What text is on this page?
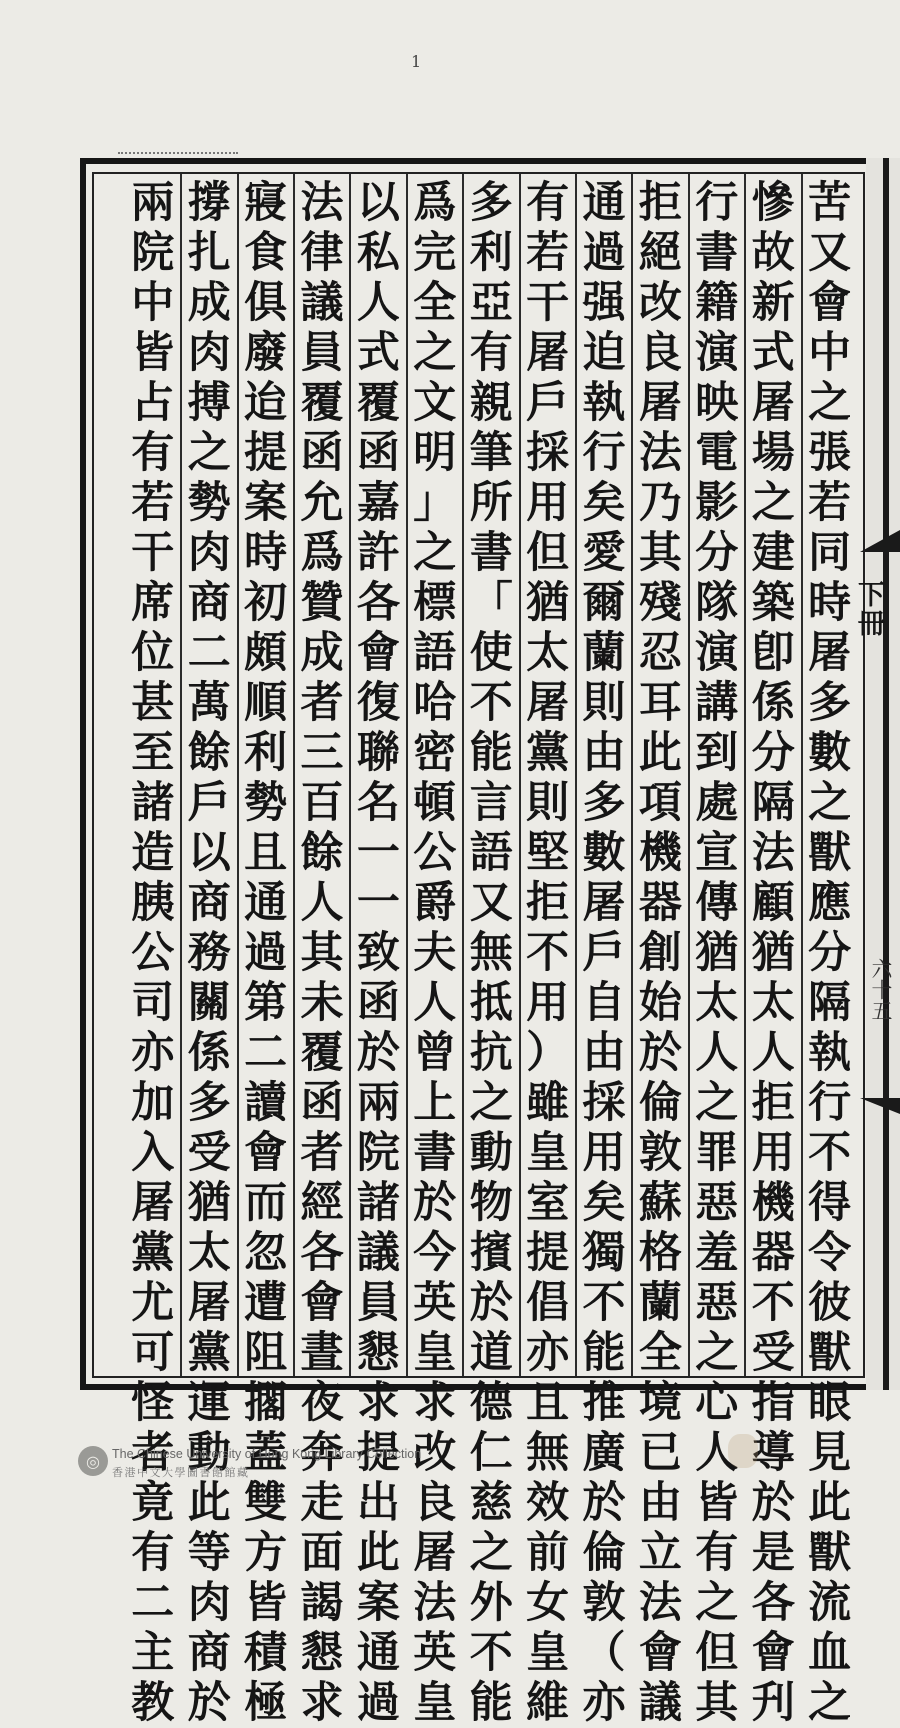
1
苦
又
會
中
之
張
若
同
時
屠
多
數
之
獸
應
分
隔
執
行
不
得
令
彼
獸
眼
見
此
獸
流
血
之
慘
故
新
式
屠
場
之
建
築
卽
係
分
隔
法
顧
猶
太
人
拒
用
機
器
不
受
指
導
於
是
各
會
刋
行
書
籍
演
映
電
影
分
隊
演
講
到
處
宣
傳
猶
太
人
之
罪
惡
羞
惡
之
心
人
皆
有
之
但
其
拒
絕
改
良
屠
法
乃
其
殘
忍
耳
此
項
機
器
創
始
於
倫
敦
蘇
格
蘭
全
境
已
由
立
法
會
議
通
過
强
迫
執
行
矣
愛
爾
蘭
則
由
多
數
屠
戶
自
由
採
用
矣
獨
不
能
推
廣
於
倫
敦
（
亦
有
若
干
屠
戶
採
用
但
猶
太
屠
黨
則
堅
拒
不
用
）
雖
皇
室
提
倡
亦
且
無
效
前
女
皇
維
多
利
亞
有
親
筆
所
書
「
使
不
能
言
語
又
無
抵
抗
之
動
物
擯
於
道
德
仁
慈
之
外
不
能
爲
完
全
之
文
明
」
之
標
語
哈
密
頓
公
爵
夫
人
曾
上
書
於
今
英
皇
求
改
良
屠
法
英
皇
以
私
人
式
覆
函
嘉
許
各
會
復
聯
名
一
一
致
函
於
兩
院
諸
議
員
懇
求
提
出
此
案
通
過
法
律
議
員
覆
函
允
爲
贊
成
者
三
百
餘
人
其
未
覆
函
者
經
各
會
晝
夜
奔
走
面
謁
懇
求
寢
食
俱
廢
迨
提
案
時
初
頗
順
利
勢
且
通
過
第
二
讀
會
而
忽
遭
阻
擱
蓋
雙
方
皆
積
極
撐
扎
成
肉
搏
之
勢
肉
商
二
萬
餘
戶
以
商
務
關
係
多
受
猶
太
屠
黨
運
動
此
等
肉
商
於
兩
院
中
皆
占
有
若
干
席
位
甚
至
諸
造
胰
公
司
亦
加
入
屠
黨
尤
可
怪
者
竟
有
二
主
教
下冊
六十五
◎ The Chinese University of Hong Kong Library Collection
香港中文大學圖書館館藏
